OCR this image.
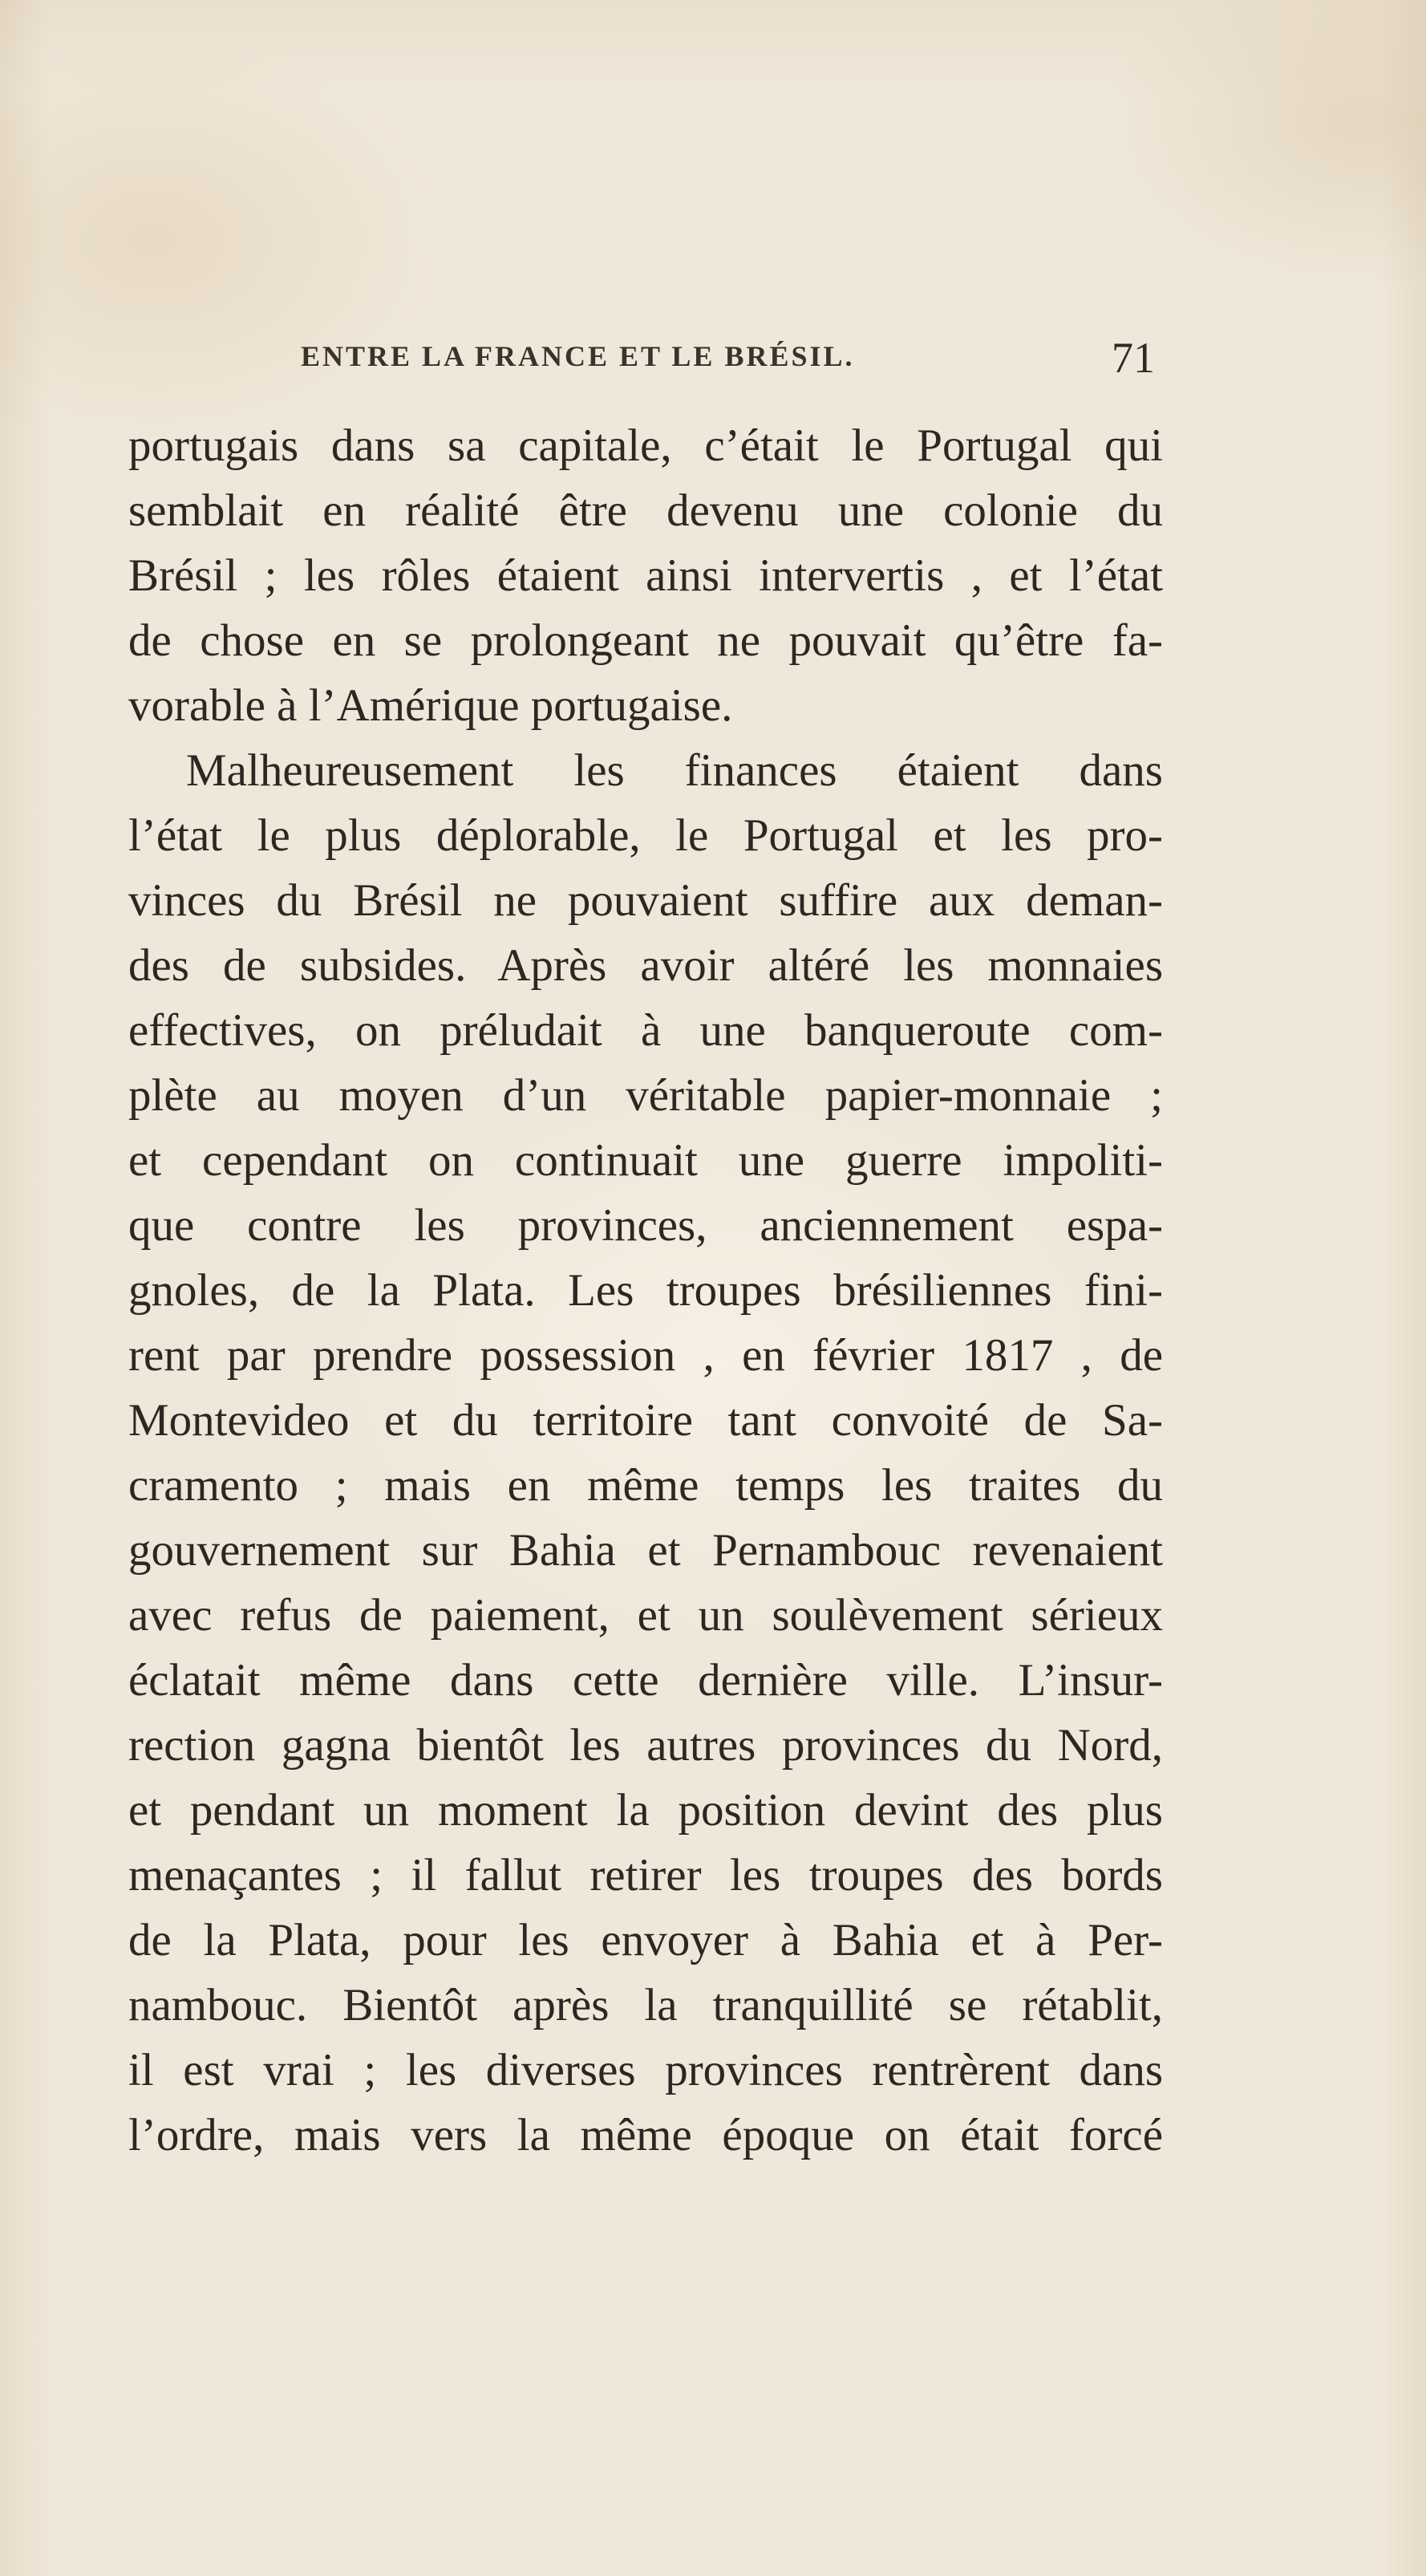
ENTRE LA FRANCE ET LE BRÉSIL.	71
portugais dans sa capitale, c’était le Portugal qui
semblait en réalité être devenu une colonie du
Brésil ; les rôles étaient ainsi intervertis , et l’état
de chose en se prolongeant ne pouvait qu’être fa-
vorable à l’Amérique portugaise.
Malheureusement les finances étaient dans
l’état le plus déplorable, le Portugal et les pro-
vinces du Brésil ne pouvaient suffire aux deman-
des de subsides. Après avoir altéré les monnaies
effectives, on préludait à une banqueroute com-
plète au moyen d’un véritable papier-monnaie ;
et cependant on continuait une guerre impoliti-
que contre les provinces, anciennement espa-
gnoles, de la Plata. Les troupes brésiliennes fini-
rent par prendre possession , en février 1817 , de
Montevideo et du territoire tant convoité de Sa-
cramento ; mais en même temps les traites du
gouvernement sur Bahia et Pernambouc revenaient
avec refus de paiement, et un soulèvement sérieux
éclatait même dans cette dernière ville. L’insur-
rection gagna bientôt les autres provinces du Nord,
et pendant un moment la position devint des plus
menaçantes ; il fallut retirer les troupes des bords
de la Plata, pour les envoyer à Bahia et à Per-
nambouc. Bientôt après la tranquillité se rétablit,
il est vrai ; les diverses provinces rentrèrent dans
l’ordre, mais vers la même époque on était forcé
